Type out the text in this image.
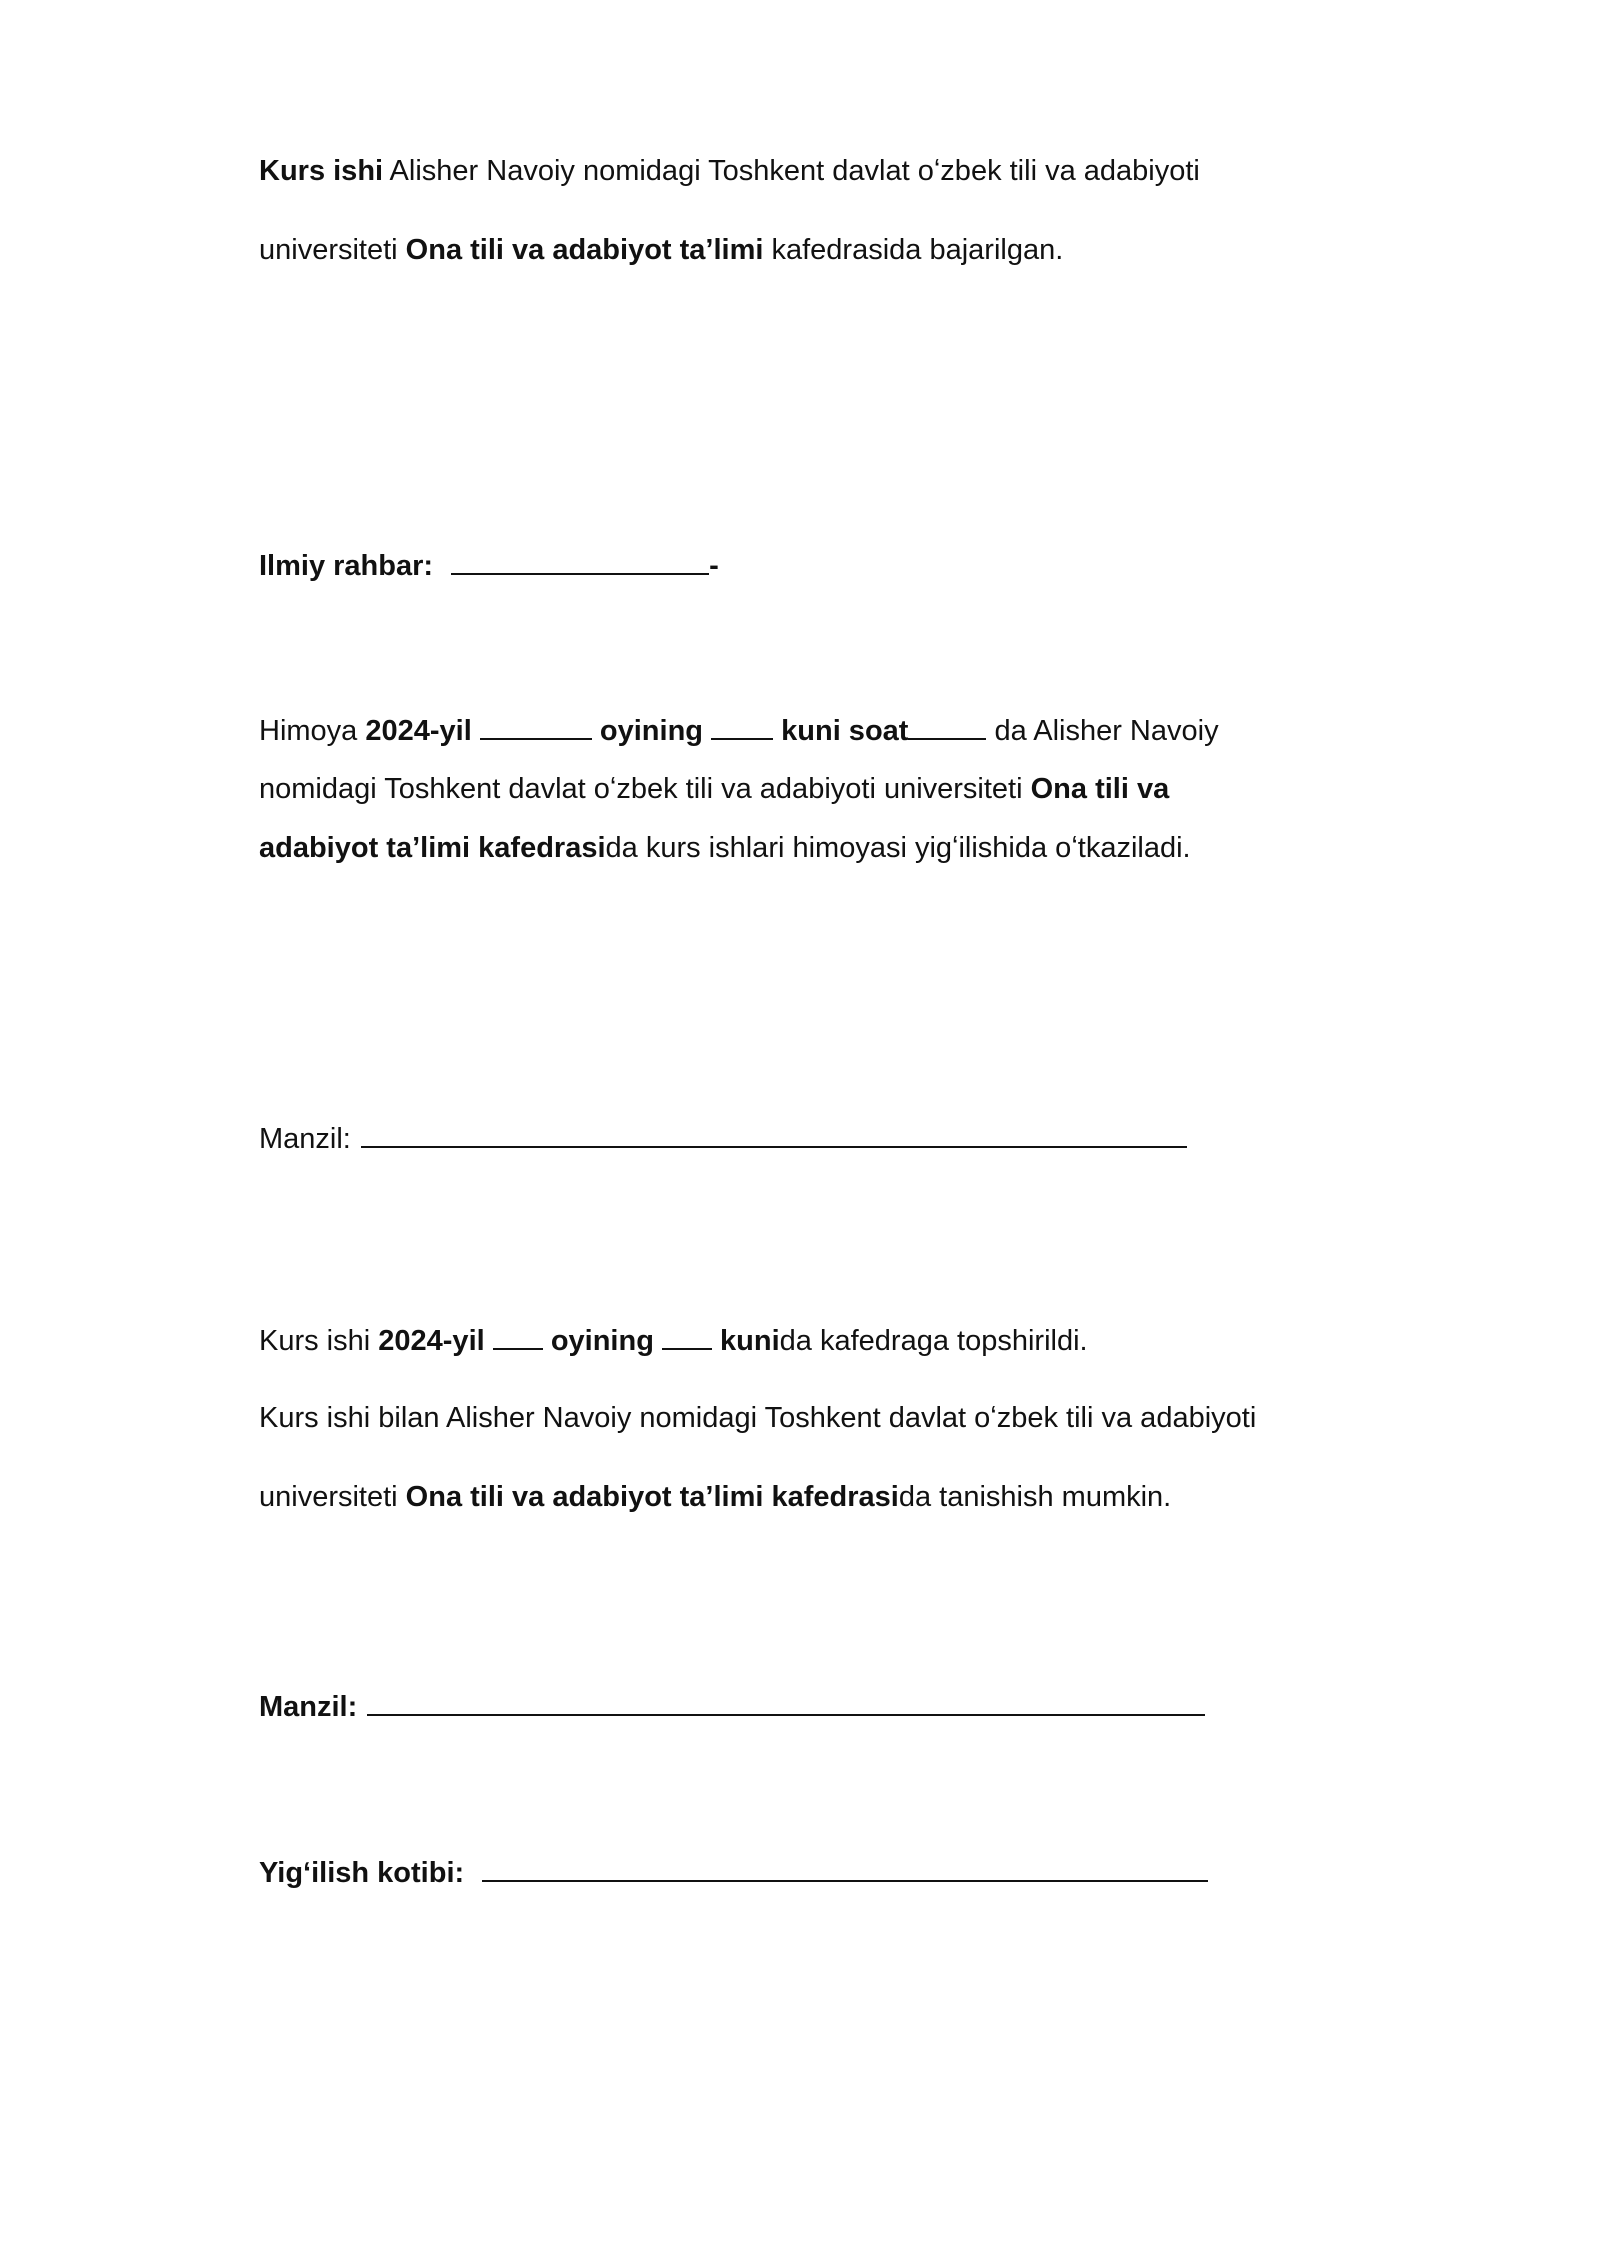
Kurs ishi Alisher Navoiy nomidagi Toshkent davlat oʻzbek tili va adabiyoti
universiteti Ona tili va adabiyot ta’limi kafedrasida bajarilgan.
Ilmiy rahbar:	-
Himoya 2024-yil	oyining	kuni soat	da Alisher Navoiy
nomidagi Toshkent davlat oʻzbek tili va adabiyoti universiteti Ona tili va
adabiyot ta’limi kafedrasida kurs ishlari himoyasi yigʻilishida oʻtkaziladi.
Manzil:
Kurs ishi 2024-yil oyining kunida kafedraga topshirildi.
Kurs ishi bilan Alisher Navoiy nomidagi Toshkent davlat oʻzbek tili va adabiyoti
universiteti Ona tili va adabiyot ta’limi kafedrasida tanishish mumkin.
Manzil:
Yigʻilish kotibi:
